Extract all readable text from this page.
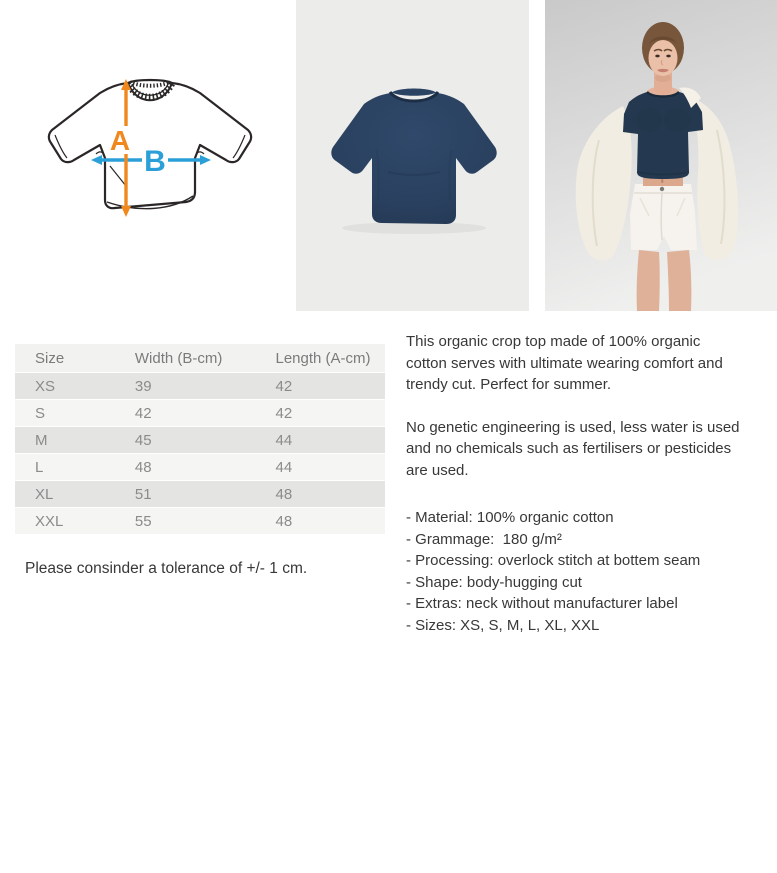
A
B
Size	Width (B-cm)	Length (A-cm)
XS	39	42
S	42	42
M	45	44
L	48	44
XL	51	48
XXL	55	48
Please consinder a tolerance of +/- 1 cm.

This organic crop top made of 100% organic cotton serves with ultimate wearing comfort and trendy cut. Perfect for summer.

No genetic engineering is used, less water is used and no chemicals such as fertilisers or pesticides are used.

- Material: 100% organic cotton
- Grammage:  180 g/m²
- Processing: overlock stitch at bottem seam
- Shape: body-hugging cut
- Extras: neck without manufacturer label
- Sizes: XS, S, M, L, XL, XXL
